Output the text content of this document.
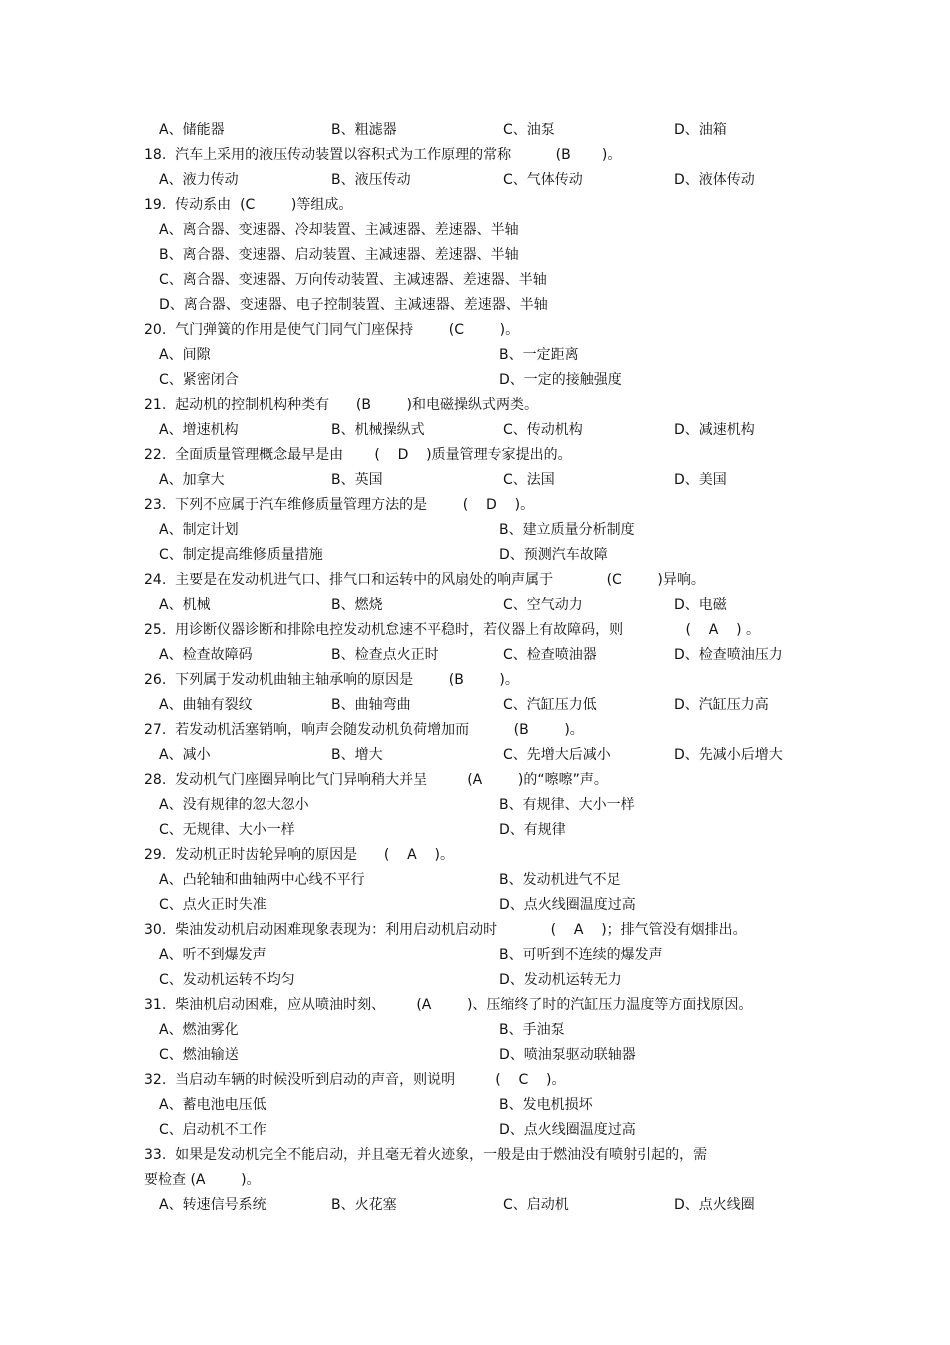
A、储能器	B、粗滤器	C、油泵	D、油箱
18.  汽车上采用的液压传动装置以容积式为工作原理的常称          (B       )。
A、液力传动	B、液压传动	C、气体传动	D、液体传动
19.  传动系由  (C        )等组成。
A、离合器、变速器、冷却装置、主减速器、差速器、半轴
B、离合器、变速器、启动装置、主减速器、差速器、半轴
C、离合器、变速器、万向传动装置、主减速器、差速器、半轴
D、离合器、变速器、电子控制装置、主减速器、差速器、半轴
20.  气门弹簧的作用是使气门同气门座保持        (C        )。
A、间隙	B、一定距离
C、紧密闭合	D、一定的接触强度
21.  起动机的控制机构种类有      (B        )和电磁操纵式两类。
A、增速机构	B、机械操纵式	C、传动机构	D、减速机构
22.  全面质量管理概念最早是由       (    D    )质量管理专家提出的。
A、加拿大	B、英国	C、法国	D、美国
23.  下列不应属于汽车维修质量管理方法的是        (    D    )。
A、制定计划	B、建立质量分析制度
C、制定提高维修质量措施	D、预测汽车故障
24.  主要是在发动机进气口、排气口和运转中的风扇处的响声属于            (C        )异响。
A、机械	B、燃烧	C、空气动力	D、电磁
25.  用诊断仪器诊断和排除电控发动机怠速不平稳时，若仪器上有故障码，则              (    A    ) 。
A、检查故障码	B、检查点火正时	C、检查喷油器	D、检查喷油压力
26.  下列属于发动机曲轴主轴承响的原因是        (B        )。
A、曲轴有裂纹	B、曲轴弯曲	C、汽缸压力低	D、汽缸压力高
27.  若发动机活塞销响，响声会随发动机负荷增加而          (B        )。
A、减小	B、增大	C、先增大后减小	D、先减小后增大
28.  发动机气门座圈异响比气门异响稍大并呈         (A        )的“嚓嚓”声。
A、没有规律的忽大忽小	B、有规律、大小一样
C、无规律、大小一样	D、有规律
29.  发动机正时齿轮异响的原因是      (    A    )。
A、凸轮轴和曲轴两中心线不平行	B、发动机进气不足
C、点火正时失准	D、点火线圈温度过高
30.  柴油发动机启动困难现象表现为：利用启动机启动时            (    A    )；排气管没有烟排出。
A、听不到爆发声	B、可听到不连续的爆发声
C、发动机运转不均匀	D、发动机运转无力
31.  柴油机启动困难，应从喷油时刻、       (A        )、压缩终了时的汽缸压力温度等方面找原因。
A、燃油雾化	B、手油泵
C、燃油输送	D、喷油泵驱动联轴器
32.  当启动车辆的时候没听到启动的声音，则说明         (    C    )。
A、蓄电池电压低	B、发电机损坏
C、启动机不工作	D、点火线圈温度过高
33.  如果是发动机完全不能启动，并且毫无着火迹象，一般是由于燃油没有喷射引起的，需
要检查 (A        )。
A、转速信号系统	B、火花塞	C、启动机	D、点火线圈
